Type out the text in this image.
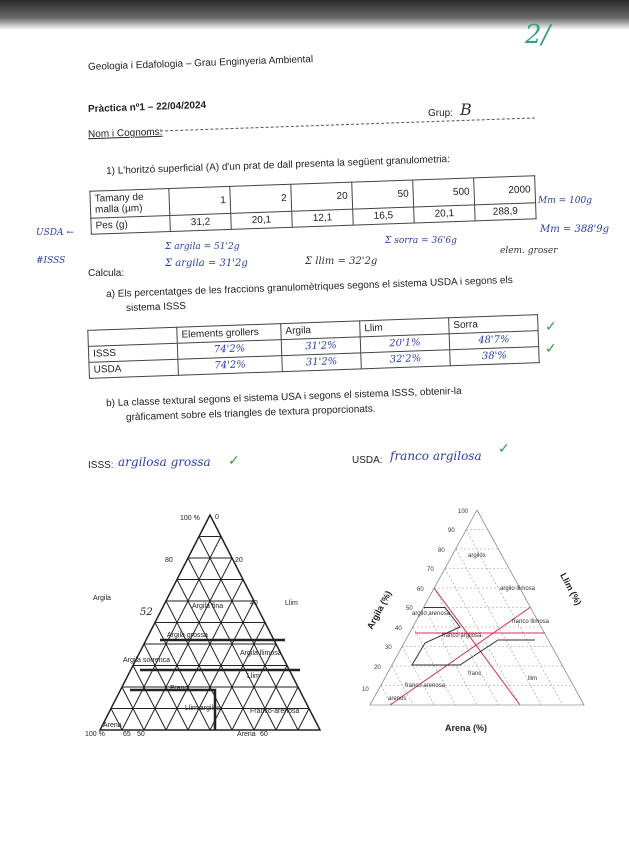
2/
Geologia i Edafologia – Grau Enginyeria Ambiental
Pràctica nº1 – 22/04/2024	Grup: B
Nom i Cognoms:
1) L'horitzó superficial (A) d'un prat de dall presenta la següent granulometria:
Tamany de malla (μm)	1	2	20	50	500	2000
Pes (g)	31,2	20,1	12,1	16,5	20,1	288,9
Mт = 100g
Mт = 388'9g
USDA ←
#ISSS
Σ argila = 51'2g
Σ argila = 31'2g	Σ llim = 32'2g
Σ sorra = 36'6g
elem. groser
Calcula:
a) Els percentatges de les fraccions granulomètriques segons el sistema USDA i segons els
sistema ISSS
	Elements grollers	Argila	Llim	Sorra
ISSS	74'2%	31'2%	20'1%	48'7%
USDA	74'2%	31'2%	32'2%	38'%
✓
✓
b) La classe textural segons el sistema USA i segons el sistema ISSS, obtenir-la
gràficament sobre els triangles de textura proporcionats.
ISSS: argilosa grossa ✓	USDA: franco argilosa ✓
100 % 0
80	20
40
100 %	65 50	60
Argila
Llim
Arena
Argila fina
Argila grossa
Argila llimosa
Argila sorrenca
Franco-arenosa
Llim
Franc
Llim argilós
Arena
52
100
90
80
70
60
50
40
30
20
10
argilós
argilo llimosa
argilo arenosa
franco llimosa
franco argilosa
franco arenosa
franc
llim
arenós
Argila (%)
Llim (%)
Arena (%)
